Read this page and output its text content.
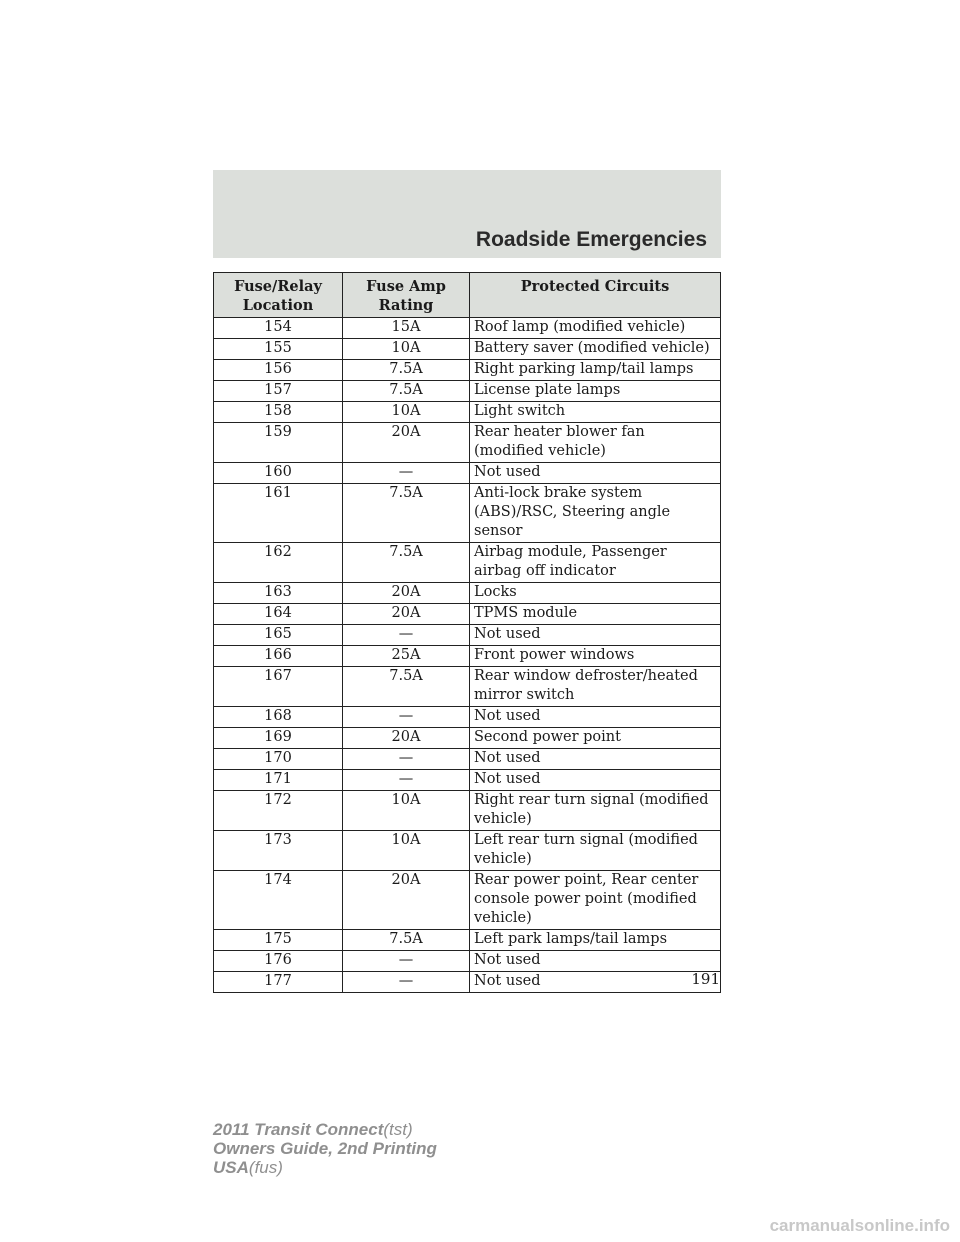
Roadside Emergencies
Fuse/Relay Location	Fuse Amp Rating	Protected Circuits
154	15A	Roof lamp (modified vehicle)
155	10A	Battery saver (modified vehicle)
156	7.5A	Right parking lamp/tail lamps
157	7.5A	License plate lamps
158	10A	Light switch
159	20A	Rear heater blower fan (modified vehicle)
160	—	Not used
161	7.5A	Anti-lock brake system (ABS)/RSC, Steering angle sensor
162	7.5A	Airbag module, Passenger airbag off indicator
163	20A	Locks
164	20A	TPMS module
165	—	Not used
166	25A	Front power windows
167	7.5A	Rear window defroster/heated mirror switch
168	—	Not used
169	20A	Second power point
170	—	Not used
171	—	Not used
172	10A	Right rear turn signal (modified vehicle)
173	10A	Left rear turn signal (modified vehicle)
174	20A	Rear power point, Rear center console power point (modified vehicle)
175	7.5A	Left park lamps/tail lamps
176	—	Not used
177	—	Not used	191
2011 Transit Connect(tst)
Owners Guide, 2nd Printing
USA(fus)
carmanualsonline.info
